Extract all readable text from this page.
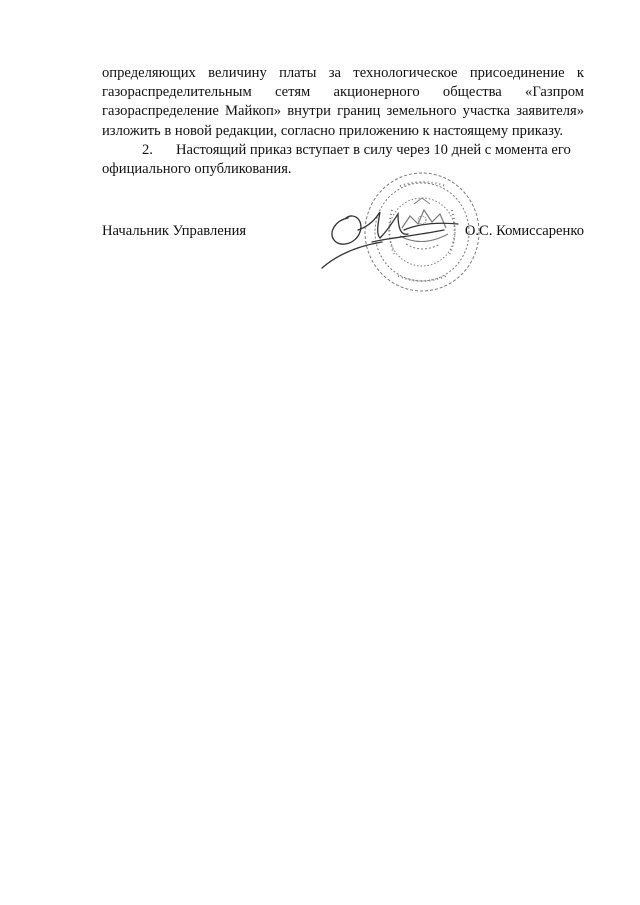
определяющих величину платы за технологическое присоединение к газораспределительным сетям акционерного общества «Газпром газораспределение Майкоп» внутри границ земельного участка заявителя» изложить в новой редакции, согласно приложению к настоящему приказу.

2. Настоящий приказ вступает в силу через 10 дней с момента его официального опубликования.

Начальник Управления	О.С. Комиссаренко
